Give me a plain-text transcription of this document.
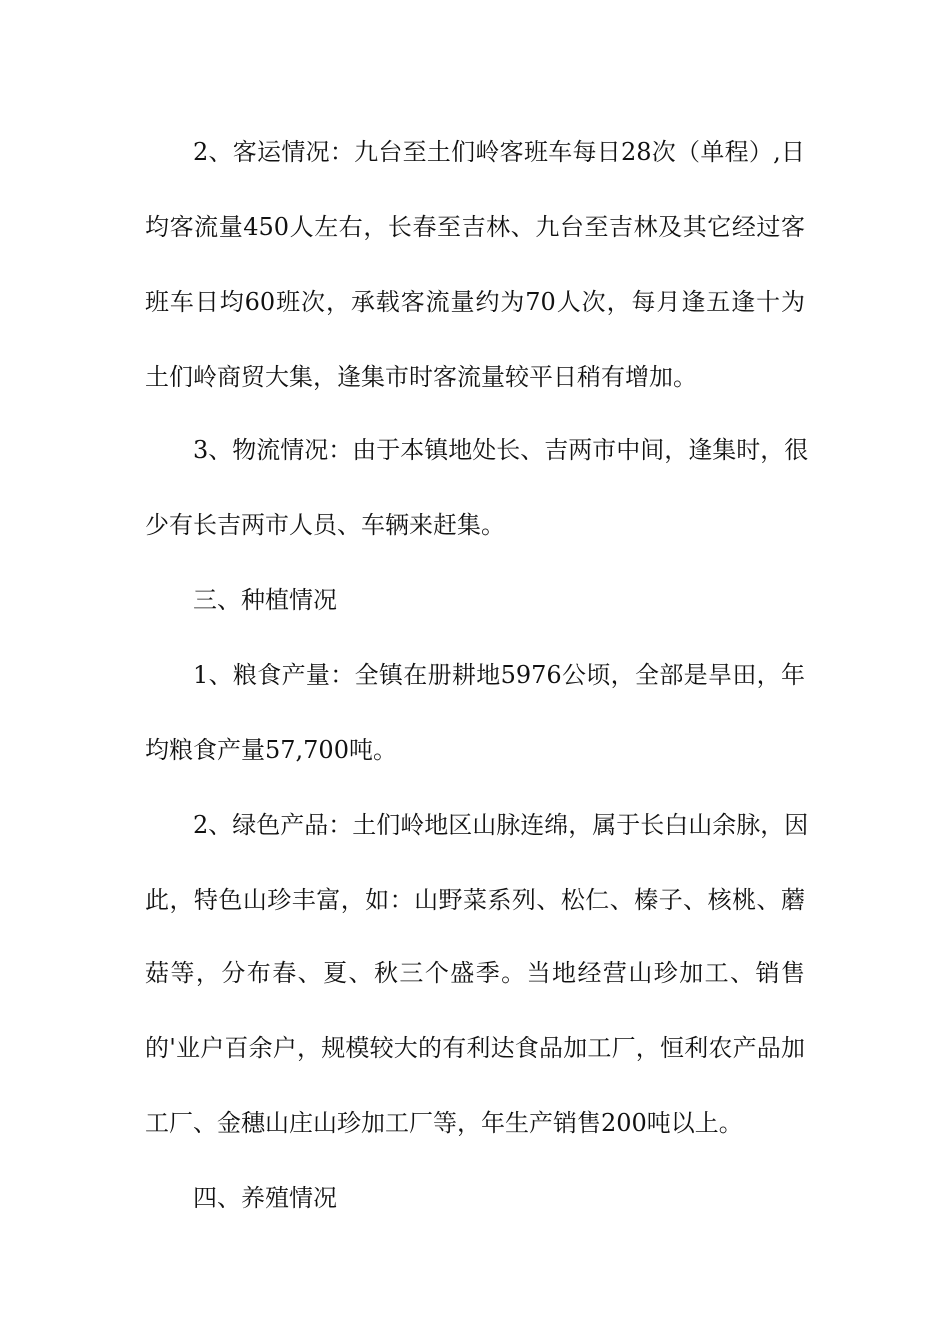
2、客运情况：九台至土们岭客班车每日28次（单程）,日
均客流量450人左右，长春至吉林、九台至吉林及其它经过客
班车日均60班次，承载客流量约为70人次，每月逢五逢十为
土们岭商贸大集，逢集市时客流量较平日稍有增加。
3、物流情况：由于本镇地处长、吉两市中间，逢集时，很
少有长吉两市人员、车辆来赶集。
三、种植情况
1、粮食产量：全镇在册耕地5976公顷，全部是旱田，年
均粮食产量57,700吨。
2、绿色产品：土们岭地区山脉连绵，属于长白山余脉，因
此，特色山珍丰富，如：山野菜系列、松仁、榛子、核桃、蘑
菇等，分布春、夏、秋三个盛季。当地经营山珍加工、销售
的'业户百余户，规模较大的有利达食品加工厂，恒利农产品加
工厂、金穗山庄山珍加工厂等，年生产销售200吨以上。
四、养殖情况
